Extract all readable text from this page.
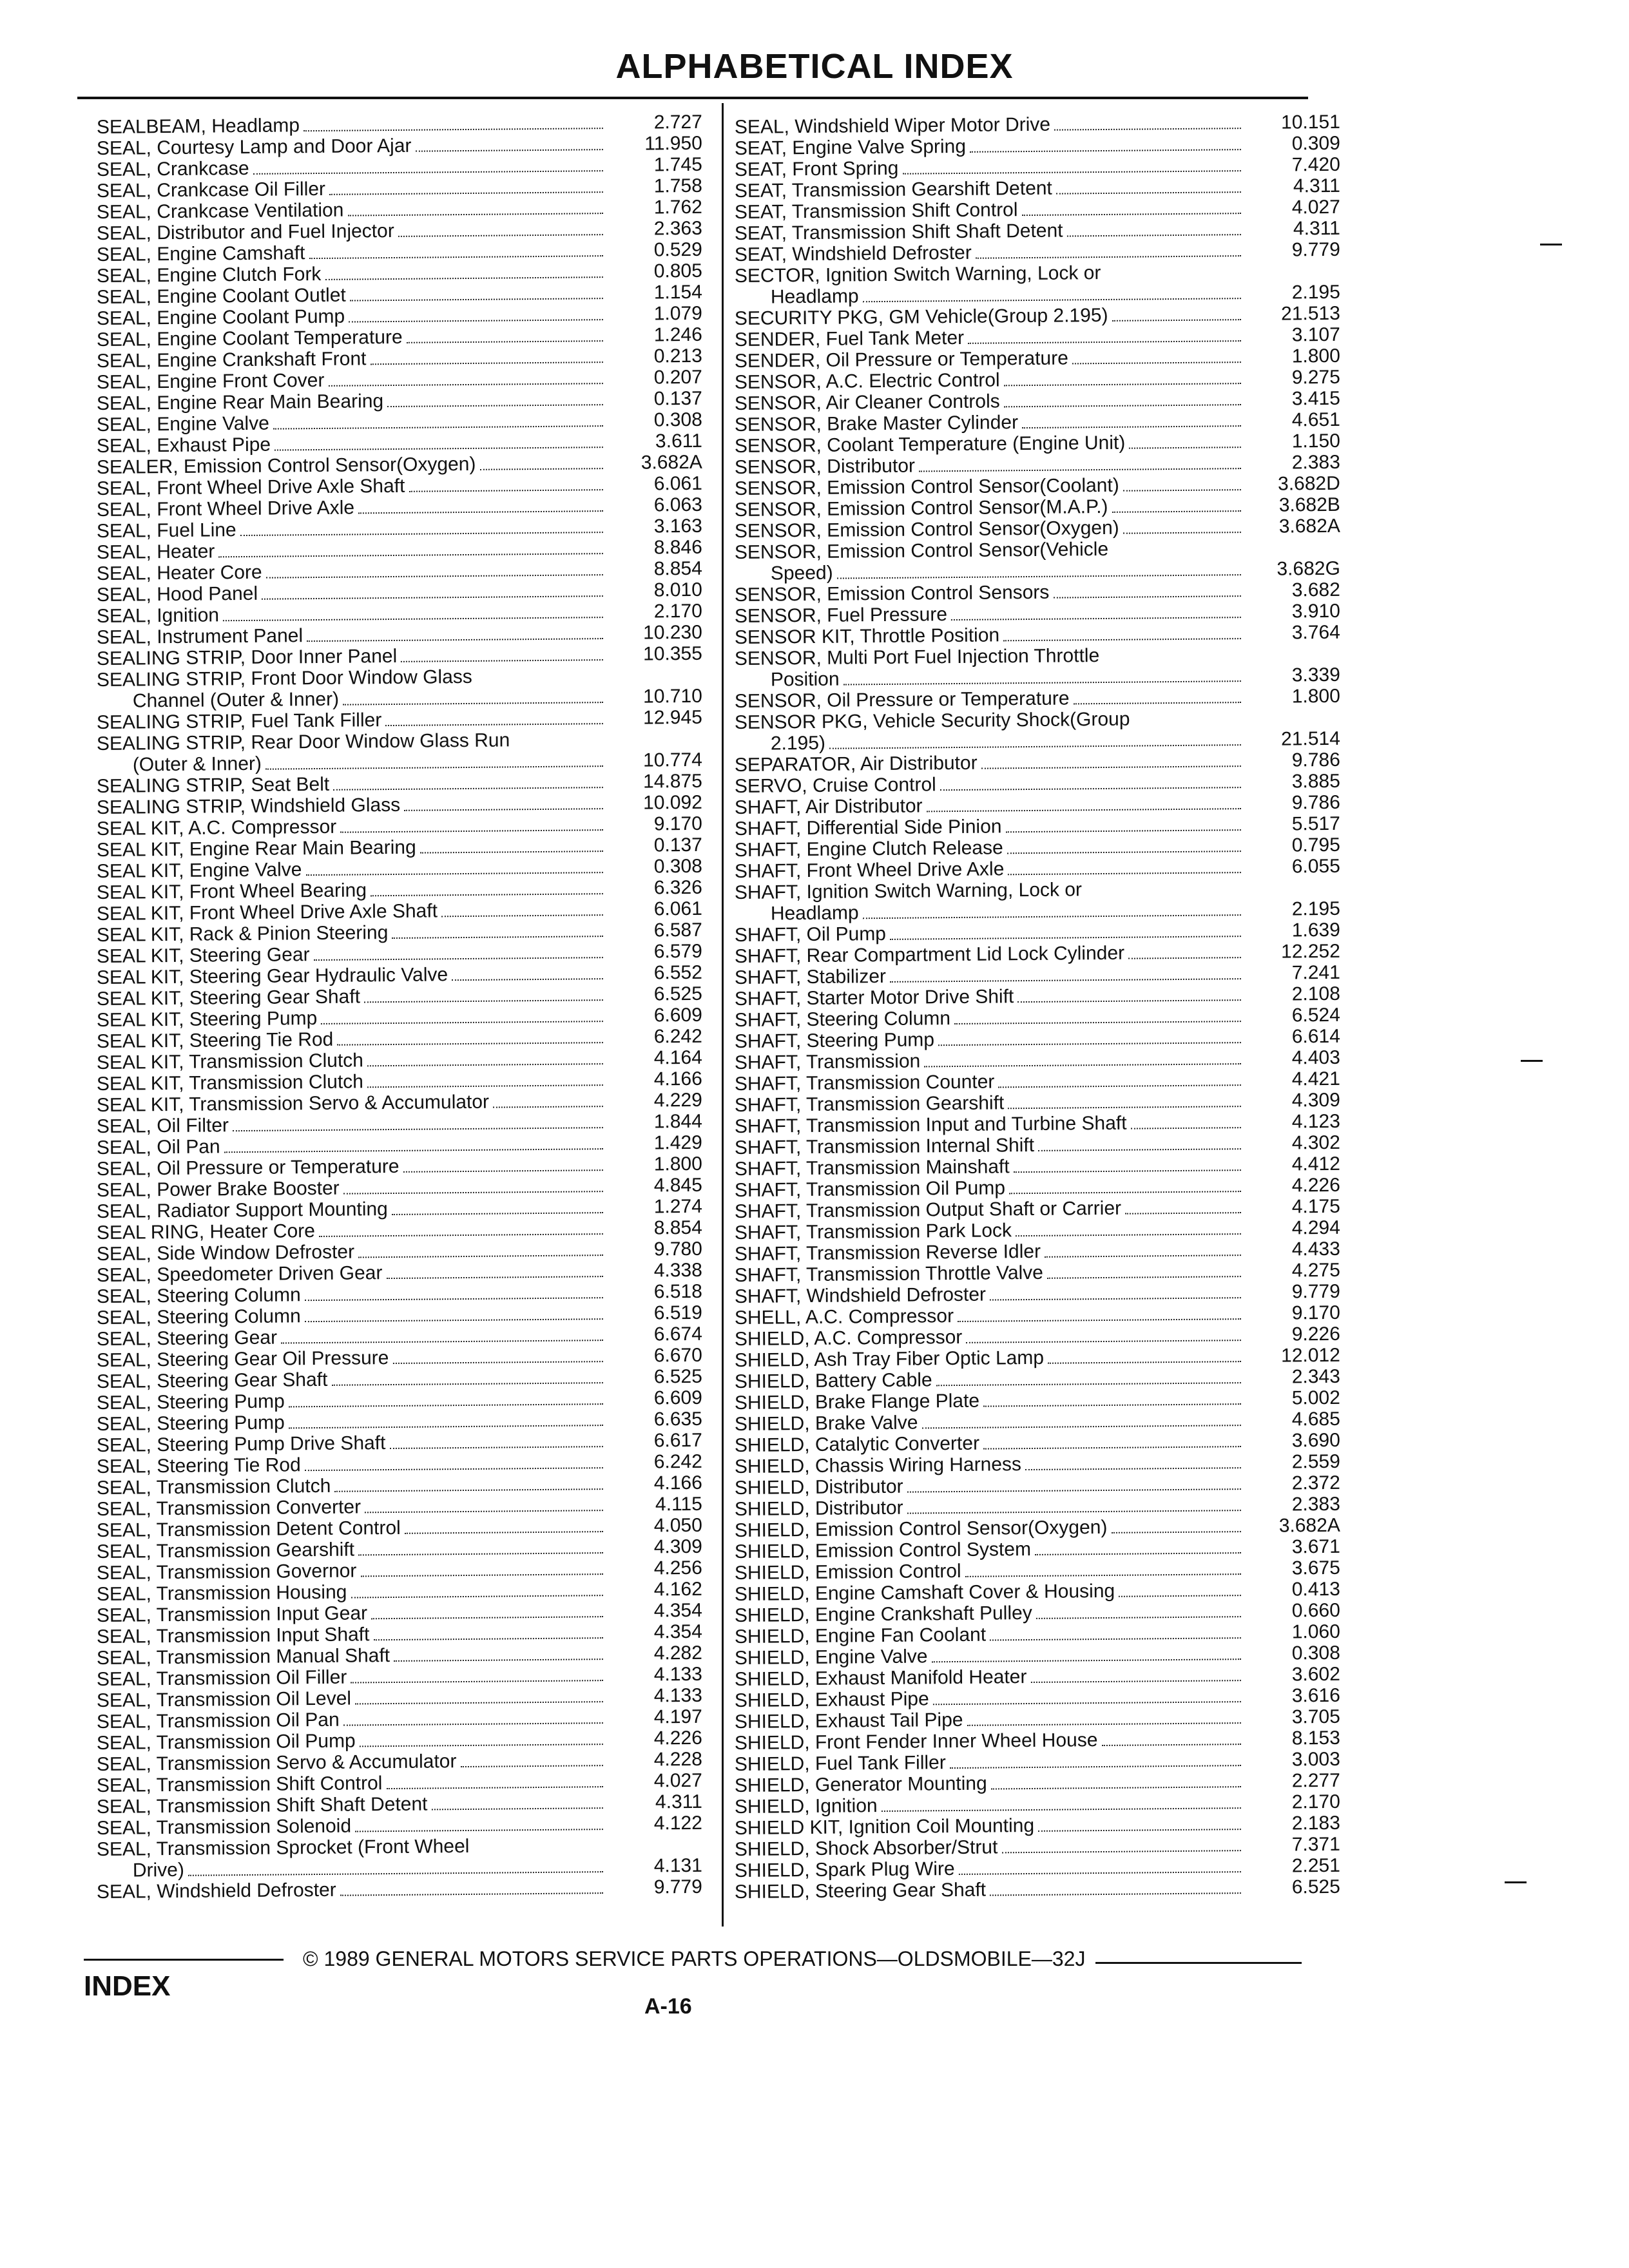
ALPHABETICAL INDEX
SEALBEAM, Headlamp	2.727
SEAL, Courtesy Lamp and Door Ajar	11.950
SEAL, Crankcase	1.745
SEAL, Crankcase Oil Filler	1.758
SEAL, Crankcase Ventilation	1.762
SEAL, Distributor and Fuel Injector	2.363
SEAL, Engine Camshaft	0.529
SEAL, Engine Clutch Fork	0.805
SEAL, Engine Coolant Outlet	1.154
SEAL, Engine Coolant Pump	1.079
SEAL, Engine Coolant Temperature	1.246
SEAL, Engine Crankshaft Front	0.213
SEAL, Engine Front Cover	0.207
SEAL, Engine Rear Main Bearing	0.137
SEAL, Engine Valve	0.308
SEAL, Exhaust Pipe	3.611
SEALER, Emission Control Sensor(Oxygen)	3.682A
SEAL, Front Wheel Drive Axle Shaft	6.061
SEAL, Front Wheel Drive Axle	6.063
SEAL, Fuel Line	3.163
SEAL, Heater	8.846
SEAL, Heater Core	8.854
SEAL, Hood Panel	8.010
SEAL, Ignition	2.170
SEAL, Instrument Panel	10.230
SEALING STRIP, Door Inner Panel	10.355
SEALING STRIP, Front Door Window Glass
Channel (Outer & Inner)	10.710
SEALING STRIP, Fuel Tank Filler	12.945
SEALING STRIP, Rear Door Window Glass Run
(Outer & Inner)	10.774
SEALING STRIP, Seat Belt	14.875
SEALING STRIP, Windshield Glass	10.092
SEAL KIT, A.C. Compressor	9.170
SEAL KIT, Engine Rear Main Bearing	0.137
SEAL KIT, Engine Valve	0.308
SEAL KIT, Front Wheel Bearing	6.326
SEAL KIT, Front Wheel Drive Axle Shaft	6.061
SEAL KIT, Rack & Pinion Steering	6.587
SEAL KIT, Steering Gear	6.579
SEAL KIT, Steering Gear Hydraulic Valve	6.552
SEAL KIT, Steering Gear Shaft	6.525
SEAL KIT, Steering Pump	6.609
SEAL KIT, Steering Tie Rod	6.242
SEAL KIT, Transmission Clutch	4.164
SEAL KIT, Transmission Clutch	4.166
SEAL KIT, Transmission Servo & Accumulator	4.229
SEAL, Oil Filter	1.844
SEAL, Oil Pan	1.429
SEAL, Oil Pressure or Temperature	1.800
SEAL, Power Brake Booster	4.845
SEAL, Radiator Support Mounting	1.274
SEAL RING, Heater Core	8.854
SEAL, Side Window Defroster	9.780
SEAL, Speedometer Driven Gear	4.338
SEAL, Steering Column	6.518
SEAL, Steering Column	6.519
SEAL, Steering Gear	6.674
SEAL, Steering Gear Oil Pressure	6.670
SEAL, Steering Gear Shaft	6.525
SEAL, Steering Pump	6.609
SEAL, Steering Pump	6.635
SEAL, Steering Pump Drive Shaft	6.617
SEAL, Steering Tie Rod	6.242
SEAL, Transmission Clutch	4.166
SEAL, Transmission Converter	4.115
SEAL, Transmission Detent Control	4.050
SEAL, Transmission Gearshift	4.309
SEAL, Transmission Governor	4.256
SEAL, Transmission Housing	4.162
SEAL, Transmission Input Gear	4.354
SEAL, Transmission Input Shaft	4.354
SEAL, Transmission Manual Shaft	4.282
SEAL, Transmission Oil Filler	4.133
SEAL, Transmission Oil Level	4.133
SEAL, Transmission Oil Pan	4.197
SEAL, Transmission Oil Pump	4.226
SEAL, Transmission Servo & Accumulator	4.228
SEAL, Transmission Shift Control	4.027
SEAL, Transmission Shift Shaft Detent	4.311
SEAL, Transmission Solenoid	4.122
SEAL, Transmission Sprocket (Front Wheel
Drive)	4.131
SEAL, Windshield Defroster	9.779
SEAL, Windshield Wiper Motor Drive	10.151
SEAT, Engine Valve Spring	0.309
SEAT, Front Spring	7.420
SEAT, Transmission Gearshift Detent	4.311
SEAT, Transmission Shift Control	4.027
SEAT, Transmission Shift Shaft Detent	4.311
SEAT, Windshield Defroster	9.779
SECTOR, Ignition Switch Warning, Lock or
Headlamp	2.195
SECURITY PKG, GM Vehicle(Group 2.195)	21.513
SENDER, Fuel Tank Meter	3.107
SENDER, Oil Pressure or Temperature	1.800
SENSOR, A.C. Electric Control	9.275
SENSOR, Air Cleaner Controls	3.415
SENSOR, Brake Master Cylinder	4.651
SENSOR, Coolant Temperature (Engine Unit)	1.150
SENSOR, Distributor	2.383
SENSOR, Emission Control Sensor(Coolant)	3.682D
SENSOR, Emission Control Sensor(M.A.P.)	3.682B
SENSOR, Emission Control Sensor(Oxygen)	3.682A
SENSOR, Emission Control Sensor(Vehicle
Speed)	3.682G
SENSOR, Emission Control Sensors	3.682
SENSOR, Fuel Pressure	3.910
SENSOR KIT, Throttle Position	3.764
SENSOR, Multi Port Fuel Injection Throttle
Position	3.339
SENSOR, Oil Pressure or Temperature	1.800
SENSOR PKG, Vehicle Security Shock(Group
2.195)	21.514
SEPARATOR, Air Distributor	9.786
SERVO, Cruise Control	3.885
SHAFT, Air Distributor	9.786
SHAFT, Differential Side Pinion	5.517
SHAFT, Engine Clutch Release	0.795
SHAFT, Front Wheel Drive Axle	6.055
SHAFT, Ignition Switch Warning, Lock or
Headlamp	2.195
SHAFT, Oil Pump	1.639
SHAFT, Rear Compartment Lid Lock Cylinder	12.252
SHAFT, Stabilizer	7.241
SHAFT, Starter Motor Drive Shift	2.108
SHAFT, Steering Column	6.524
SHAFT, Steering Pump	6.614
SHAFT, Transmission	4.403
SHAFT, Transmission Counter	4.421
SHAFT, Transmission Gearshift	4.309
SHAFT, Transmission Input and Turbine Shaft	4.123
SHAFT, Transmission Internal Shift	4.302
SHAFT, Transmission Mainshaft	4.412
SHAFT, Transmission Oil Pump	4.226
SHAFT, Transmission Output Shaft or Carrier	4.175
SHAFT, Transmission Park Lock	4.294
SHAFT, Transmission Reverse Idler	4.433
SHAFT, Transmission Throttle Valve	4.275
SHAFT, Windshield Defroster	9.779
SHELL, A.C. Compressor	9.170
SHIELD, A.C. Compressor	9.226
SHIELD, Ash Tray Fiber Optic Lamp	12.012
SHIELD, Battery Cable	2.343
SHIELD, Brake Flange Plate	5.002
SHIELD, Brake Valve	4.685
SHIELD, Catalytic Converter	3.690
SHIELD, Chassis Wiring Harness	2.559
SHIELD, Distributor	2.372
SHIELD, Distributor	2.383
SHIELD, Emission Control Sensor(Oxygen)	3.682A
SHIELD, Emission Control System	3.671
SHIELD, Emission Control	3.675
SHIELD, Engine Camshaft Cover & Housing	0.413
SHIELD, Engine Crankshaft Pulley	0.660
SHIELD, Engine Fan Coolant	1.060
SHIELD, Engine Valve	0.308
SHIELD, Exhaust Manifold Heater	3.602
SHIELD, Exhaust Pipe	3.616
SHIELD, Exhaust Tail Pipe	3.705
SHIELD, Front Fender Inner Wheel House	8.153
SHIELD, Fuel Tank Filler	3.003
SHIELD, Generator Mounting	2.277
SHIELD, Ignition	2.170
SHIELD KIT, Ignition Coil Mounting	2.183
SHIELD, Shock Absorber/Strut	7.371
SHIELD, Spark Plug Wire	2.251
SHIELD, Steering Gear Shaft	6.525
© 1989 GENERAL MOTORS SERVICE PARTS OPERATIONS—OLDSMOBILE—32J
INDEX
A-16
